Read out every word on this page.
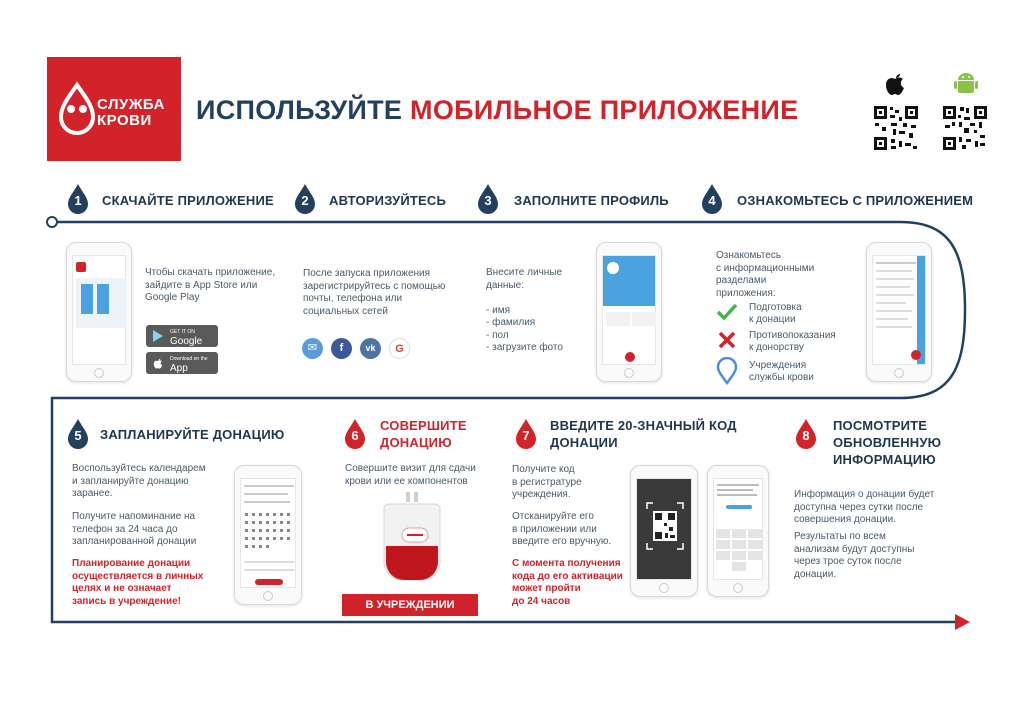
СЛУЖБА
КРОВИ	ИСПОЛЬЗУЙТЕ МОБИЛЬНОЕ ПРИЛОЖЕНИЕ
1	СКАЧАЙТЕ ПРИЛОЖЕНИЕ
Чтобы скачать приложение,
зайдите в App Store или
Google Play
GET IT ON
Google
Download on the
App Store
2	АВТОРИЗУЙТЕСЬ
После запуска приложения
зарегистрируйтесь с помощью
почты, телефона или
социальных сетей
✉	f	vk	G
3	ЗАПОЛНИТЕ ПРОФИЛЬ
Внесите личные
данные:
- имя
- фамилия
- пол
- загрузите фото
4	ОЗНАКОМЬТЕСЬ С ПРИЛОЖЕНИЕМ
Ознакомьтесь
с информационными
разделами
приложения:
Подготовка
к донации
Противопоказания
к донорству
Учреждения
службы крови
5	ЗАПЛАНИРУЙТЕ ДОНАЦИЮ
Воспользуйтесь календарем
и запланируйте донацию
заранее.
Получите напоминание на
телефон за 24 часа до
запланированной донации
Планирование донации
осуществляется в личных
целях и не означает
запись в учреждение!
6
СОВЕРШИТЕ
ДОНАЦИЮ
Совершите визит для сдачи
крови или ее компонентов
В УЧРЕЖДЕНИИ
7
ВВЕДИТЕ 20-ЗНАЧНЫЙ КОД
ДОНАЦИИ
Получите код
в регистратуре
учреждения.
Отсканируйте его
в приложении или
введите его вручную.
С момента получения
кода до его активации
может пройти
до 24 часов
8
ПОСМОТРИТЕ
ОБНОВЛЕННУЮ
ИНФОРМАЦИЮ
Информация о донации будет
доступна через сутки после
совершения донации.
Результаты по всем
анализам будут доступны
через трое суток после
донации.
